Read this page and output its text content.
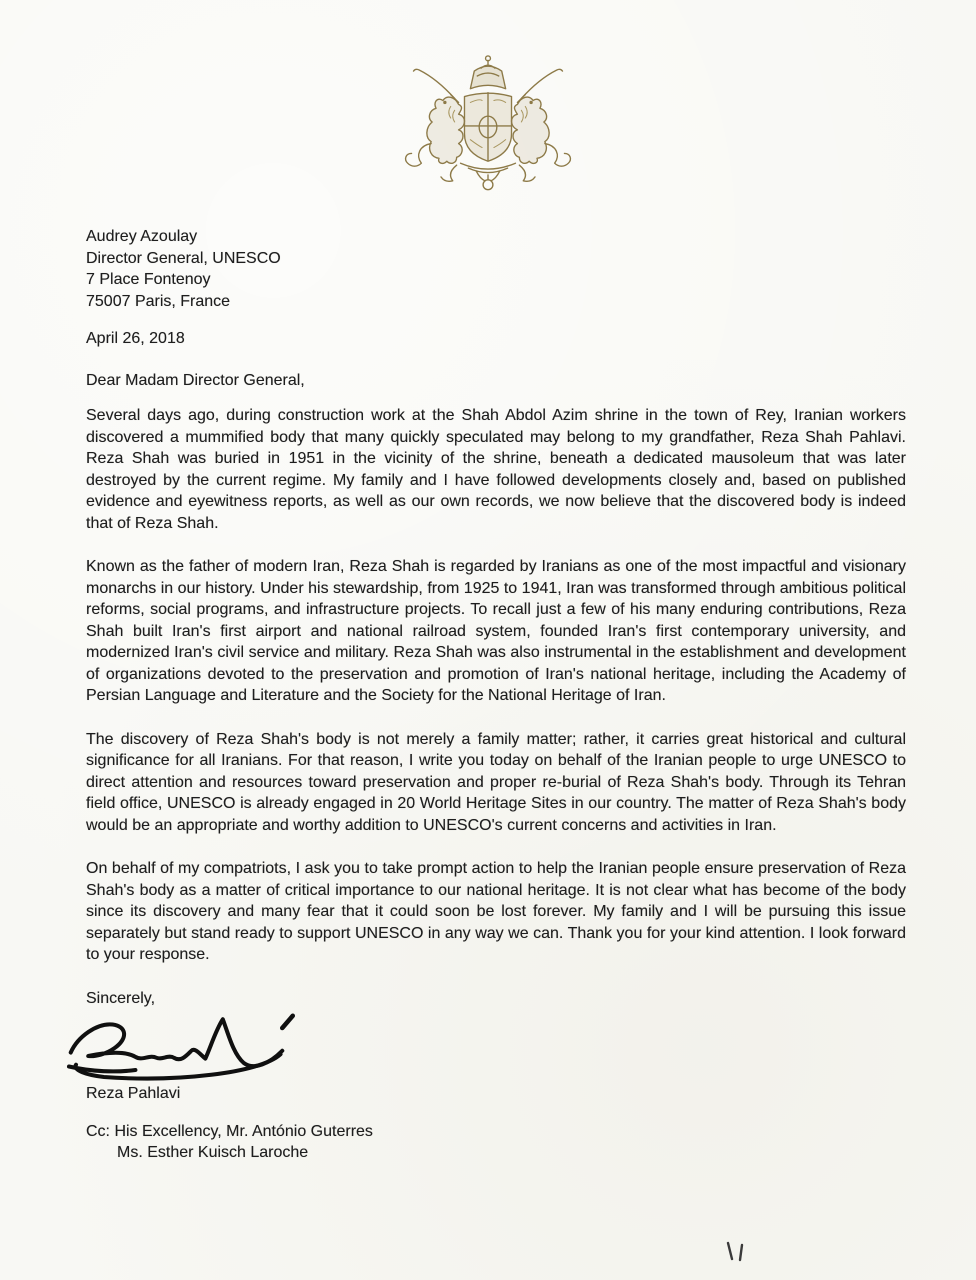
Audrey Azoulay
Director General, UNESCO
7 Place Fontenoy
75007 Paris, France
April 26, 2018
Dear Madam Director General,

Several days ago, during construction work at the Shah Abdol Azim shrine in the town of Rey, Iranian workers discovered a mummified body that many quickly speculated may belong to my grandfather, Reza Shah Pahlavi. Reza Shah was buried in 1951 in the vicinity of the shrine, beneath a dedicated mausoleum that was later destroyed by the current regime. My family and I have followed developments closely and, based on published evidence and eyewitness reports, as well as our own records, we now believe that the discovered body is indeed that of Reza Shah.

Known as the father of modern Iran, Reza Shah is regarded by Iranians as one of the most impactful and visionary monarchs in our history. Under his stewardship, from 1925 to 1941, Iran was transformed through ambitious political reforms, social programs, and infrastructure projects. To recall just a few of his many enduring contributions, Reza Shah built Iran's first airport and national railroad system, founded Iran's first contemporary university, and modernized Iran's civil service and military. Reza Shah was also instrumental in the establishment and development of organizations devoted to the preservation and promotion of Iran's national heritage, including the Academy of Persian Language and Literature and the Society for the National Heritage of Iran.

The discovery of Reza Shah's body is not merely a family matter; rather, it carries great historical and cultural significance for all Iranians. For that reason, I write you today on behalf of the Iranian people to urge UNESCO to direct attention and resources toward preservation and proper re-burial of Reza Shah's body. Through its Tehran field office, UNESCO is already engaged in 20 World Heritage Sites in our country. The matter of Reza Shah's body would be an appropriate and worthy addition to UNESCO's current concerns and activities in Iran.

On behalf of my compatriots, I ask you to take prompt action to help the Iranian people ensure preservation of Reza Shah's body as a matter of critical importance to our national heritage. It is not clear what has become of the body since its discovery and many fear that it could soon be lost forever. My family and I will be pursuing this issue separately but stand ready to support UNESCO in any way we can. Thank you for your kind attention. I look forward to your response.

Sincerely,
Reza Pahlavi
Cc: His Excellency, Mr. António Guterres
Ms. Esther Kuisch Laroche
